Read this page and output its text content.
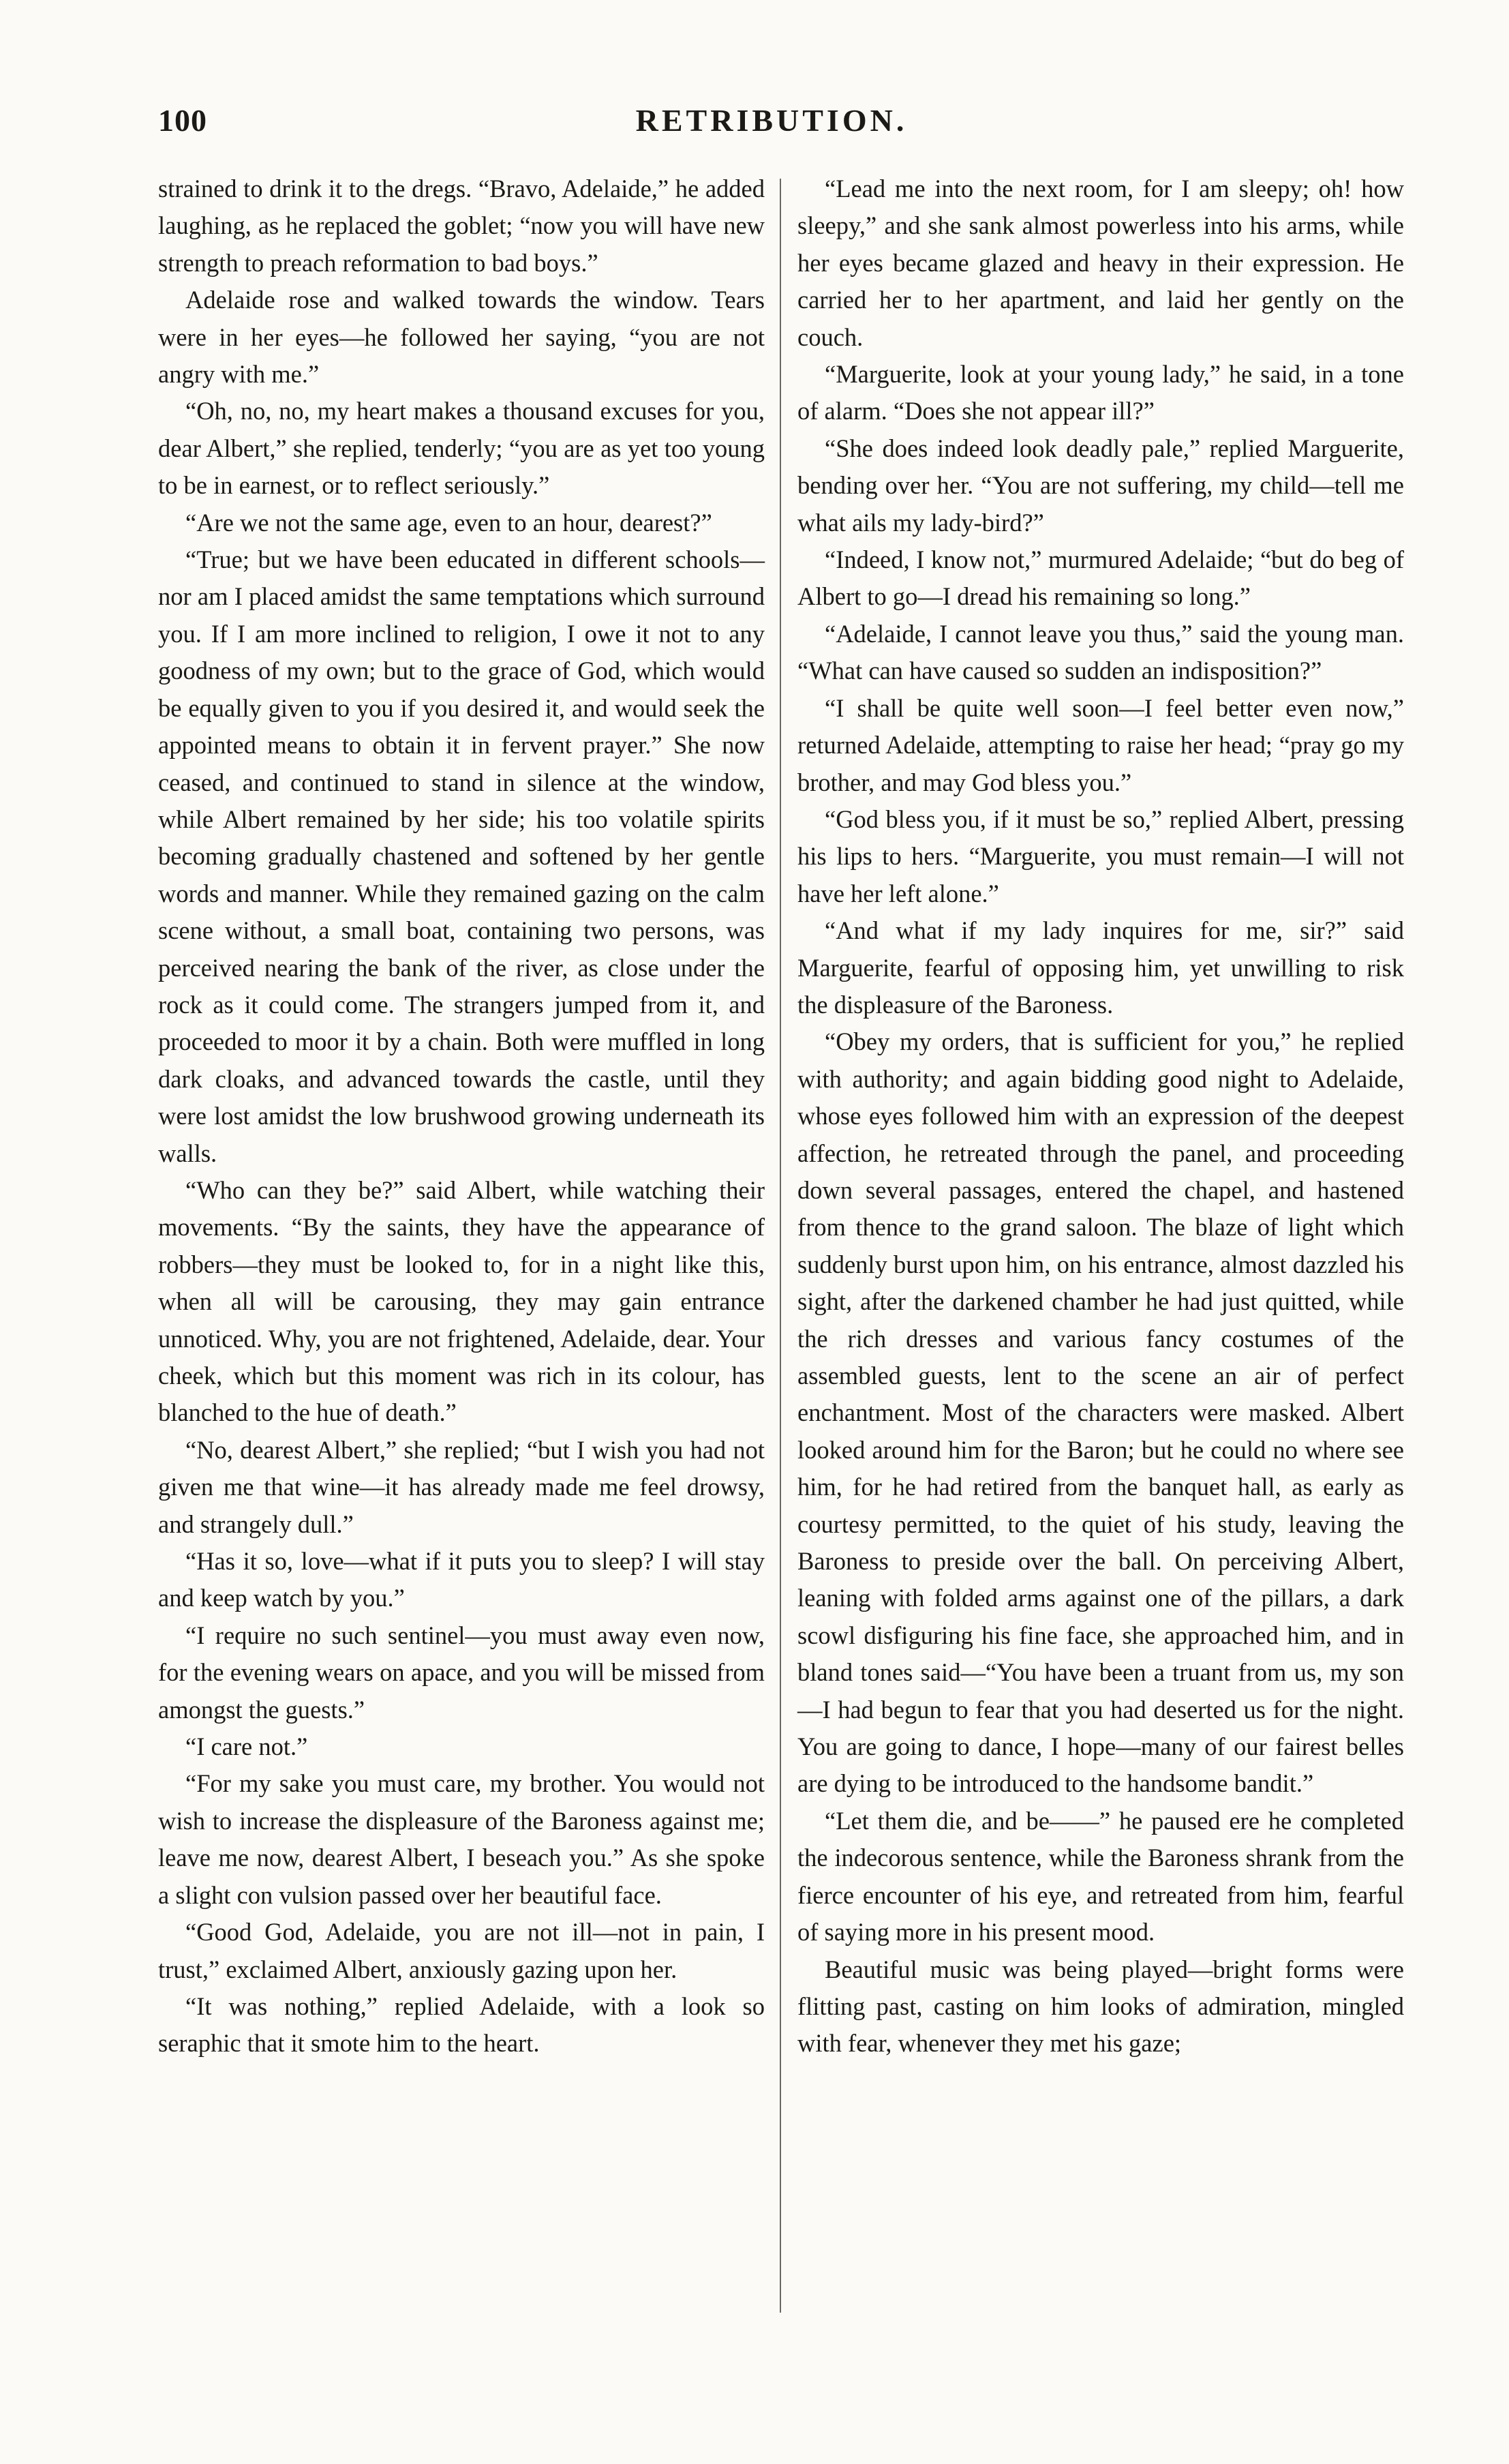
100	RETRIBUTION.

strained to drink it to the dregs. “Bravo, Adelaide,” he added laughing, as he replaced the goblet; “now you will have new strength to preach reformation to bad boys.”

Adelaide rose and walked towards the window. Tears were in her eyes—he followed her saying, “you are not angry with me.”

“Oh, no, no, my heart makes a thousand excuses for you, dear Albert,” she replied, tenderly; “you are as yet too young to be in earnest, or to reflect seriously.”

“Are we not the same age, even to an hour, dearest?”

“True; but we have been educated in different schools—nor am I placed amidst the same temptations which surround you. If I am more inclined to religion, I owe it not to any goodness of my own; but to the grace of God, which would be equally given to you if you desired it, and would seek the appointed means to obtain it in fervent prayer.” She now ceased, and continued to stand in silence at the window, while Albert remained by her side; his too volatile spirits becoming gradually chastened and softened by her gentle words and manner. While they remained gazing on the calm scene without, a small boat, containing two persons, was perceived nearing the bank of the river, as close under the rock as it could come. The strangers jumped from it, and proceeded to moor it by a chain. Both were muffled in long dark cloaks, and advanced towards the castle, until they were lost amidst the low brushwood growing underneath its walls.

“Who can they be?” said Albert, while watching their movements. “By the saints, they have the appearance of robbers—they must be looked to, for in a night like this, when all will be carousing, they may gain entrance unnoticed. Why, you are not frightened, Adelaide, dear. Your cheek, which but this moment was rich in its colour, has blanched to the hue of death.”

“No, dearest Albert,” she replied; “but I wish you had not given me that wine—it has already made me feel drowsy, and strangely dull.”

“Has it so, love—what if it puts you to sleep? I will stay and keep watch by you.”

“I require no such sentinel—you must away even now, for the evening wears on apace, and you will be missed from amongst the guests.”

“I care not.”

“For my sake you must care, my brother. You would not wish to increase the displeasure of the Baroness against me; leave me now, dearest Albert, I beseach you.” As she spoke a slight con vulsion passed over her beautiful face.

“Good God, Adelaide, you are not ill—not in pain, I trust,” exclaimed Albert, anxiously gazing upon her.

“It was nothing,” replied Adelaide, with a look so seraphic that it smote him to the heart.

“Lead me into the next room, for I am sleepy; oh! how sleepy,” and she sank almost powerless into his arms, while her eyes became glazed and heavy in their expression. He carried her to her apartment, and laid her gently on the couch.

“Marguerite, look at your young lady,” he said, in a tone of alarm. “Does she not appear ill?”

“She does indeed look deadly pale,” replied Marguerite, bending over her. “You are not suffering, my child—tell me what ails my lady-bird?”

“Indeed, I know not,” murmured Adelaide; “but do beg of Albert to go—I dread his remaining so long.”

“Adelaide, I cannot leave you thus,” said the young man. “What can have caused so sudden an indisposition?”

“I shall be quite well soon—I feel better even now,” returned Adelaide, attempting to raise her head; “pray go my brother, and may God bless you.”

“God bless you, if it must be so,” replied Albert, pressing his lips to hers. “Marguerite, you must remain—I will not have her left alone.”

“And what if my lady inquires for me, sir?” said Marguerite, fearful of opposing him, yet unwilling to risk the displeasure of the Baroness.

“Obey my orders, that is sufficient for you,” he replied with authority; and again bidding good night to Adelaide, whose eyes followed him with an expression of the deepest affection, he retreated through the panel, and proceeding down several passages, entered the chapel, and hastened from thence to the grand saloon. The blaze of light which suddenly burst upon him, on his entrance, almost dazzled his sight, after the darkened chamber he had just quitted, while the rich dresses and various fancy costumes of the assembled guests, lent to the scene an air of perfect enchantment. Most of the characters were masked. Albert looked around him for the Baron; but he could no where see him, for he had retired from the banquet hall, as early as courtesy permitted, to the quiet of his study, leaving the Baroness to preside over the ball. On perceiving Albert, leaning with folded arms against one of the pillars, a dark scowl disfiguring his fine face, she approached him, and in bland tones said—“You have been a truant from us, my son—I had begun to fear that you had deserted us for the night. You are going to dance, I hope—many of our fairest belles are dying to be introduced to the handsome bandit.”

“Let them die, and be——” he paused ere he completed the indecorous sentence, while the Baroness shrank from the fierce encounter of his eye, and retreated from him, fearful of saying more in his present mood.

Beautiful music was being played—bright forms were flitting past, casting on him looks of admiration, mingled with fear, whenever they met his gaze;
